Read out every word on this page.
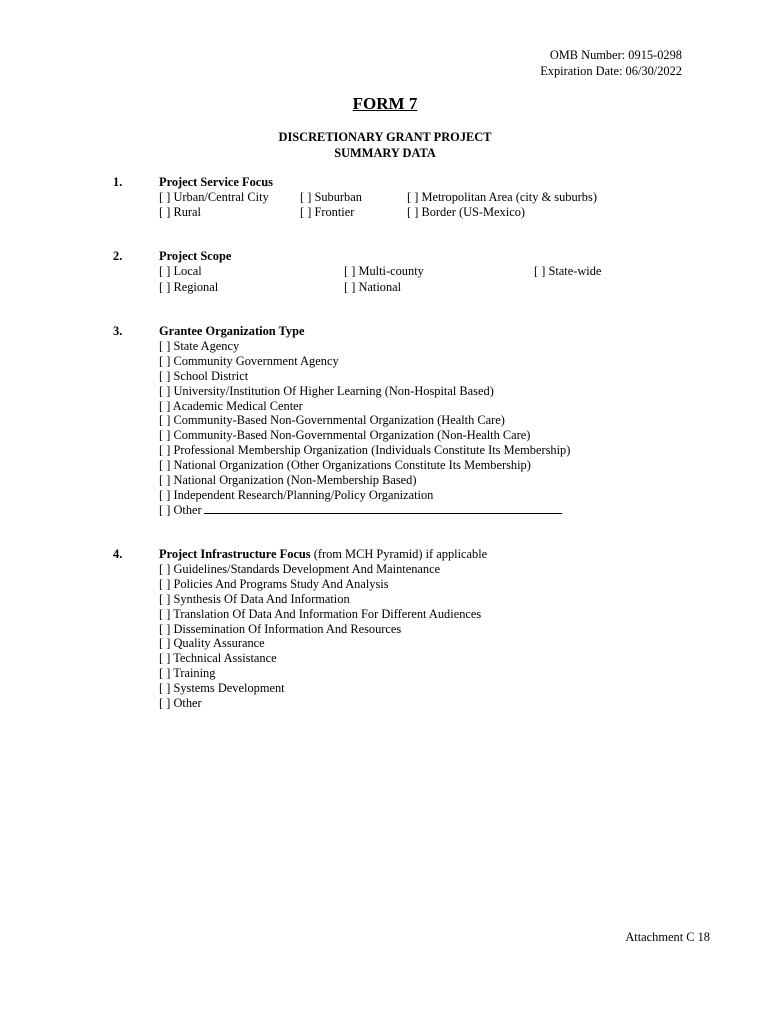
OMB Number: 0915-0298
Expiration Date: 06/30/2022
FORM 7
DISCRETIONARY GRANT PROJECT
SUMMARY DATA
1.	Project Service Focus
[ ] Urban/Central City	[ ] Suburban	[ ] Metropolitan Area (city & suburbs)
[ ] Rural	[ ] Frontier	[ ] Border (US-Mexico)
2.	Project Scope
[ ] Local	[ ] Multi-county	[ ] State-wide
[ ] Regional	[ ] National
3.	Grantee Organization Type
[ ] State Agency
[ ] Community Government Agency
[ ] School District
[ ] University/Institution Of Higher Learning (Non-Hospital Based)
[ ] Academic Medical Center
[ ] Community-Based Non-Governmental Organization (Health Care)
[ ] Community-Based Non-Governmental Organization (Non-Health Care)
[ ] Professional Membership Organization (Individuals Constitute Its Membership)
[ ] National Organization (Other Organizations Constitute Its Membership)
[ ] National Organization (Non-Membership Based)
[ ] Independent Research/Planning/Policy Organization
[ ] Other
4.	Project Infrastructure Focus (from MCH Pyramid) if applicable
[ ] Guidelines/Standards Development And Maintenance
[ ] Policies And Programs Study And Analysis
[ ] Synthesis Of Data And Information
[ ] Translation Of Data And Information For Different Audiences
[ ] Dissemination Of Information And Resources
[ ] Quality Assurance
[ ] Technical Assistance
[ ] Training
[ ] Systems Development
[ ] Other
Attachment C 18
